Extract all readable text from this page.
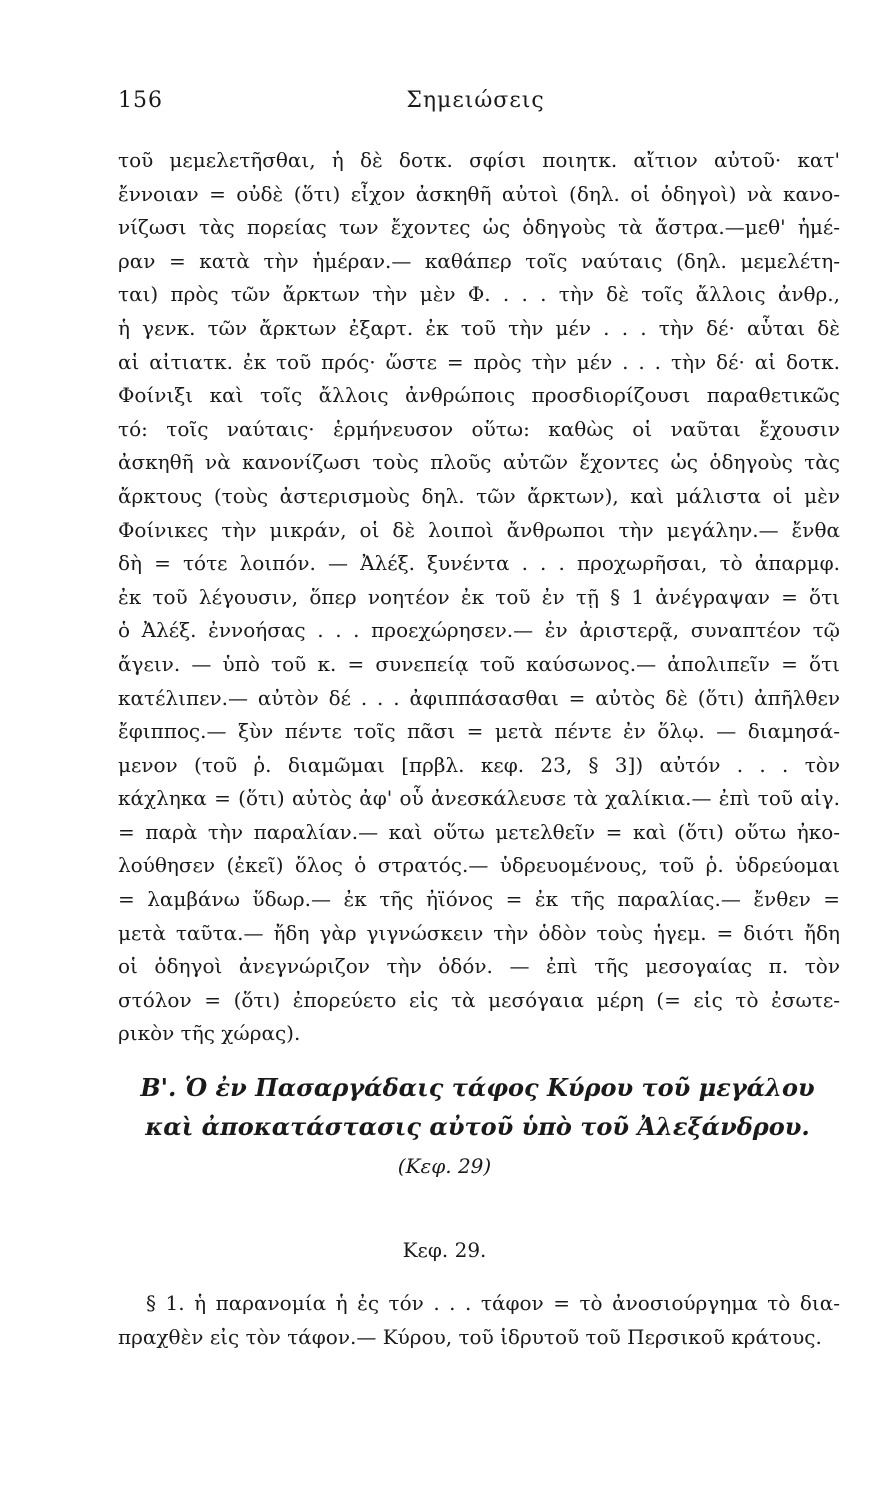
156	Σημειώσεις
τοῦ μεμελετῆσθαι, ἡ δὲ δοτκ. σφίσι ποιητκ. αἴτιον αὐτοῦ· κατ'
ἔννοιαν = οὐδὲ (ὅτι) εἶχον ἀσκηθῆ αὐτοὶ (δηλ. οἱ ὁδηγοὶ) νὰ κανο-
νίζωσι τὰς πορείας των ἔχοντες ὡς ὁδηγοὺς τὰ ἄστρα.—μεθ' ἡμέ-
ραν = κατὰ τὴν ἡμέραν.— καθάπερ τοῖς ναύταις (δηλ. μεμελέτη-
ται) πρὸς τῶν ἄρκτων τὴν μὲν Φ. . . . τὴν δὲ τοῖς ἄλλοις ἀνθρ.,
ἡ γενκ. τῶν ἄρκτων ἐξαρτ. ἐκ τοῦ τὴν μέν . . . τὴν δέ· αὗται δὲ
αἱ αἰτιατκ. ἐκ τοῦ πρός· ὥστε = πρὸς τὴν μέν . . . τὴν δέ· αἱ δοτκ.
Φοίνιξι καὶ τοῖς ἄλλοις ἀνθρώποις προσδιορίζουσι παραθετικῶς
τό: τοῖς ναύταις· ἑρμήνευσον οὕτω: καθὼς οἱ ναῦται ἔχουσιν
ἀσκηθῆ νὰ κανονίζωσι τοὺς πλοῦς αὐτῶν ἔχοντες ὡς ὁδηγοὺς τὰς
ἄρκτους (τοὺς ἀστερισμοὺς δηλ. τῶν ἄρκτων), καὶ μάλιστα οἱ μὲν
Φοίνικες τὴν μικράν, οἱ δὲ λοιποὶ ἄνθρωποι τὴν μεγάλην.— ἔνθα
δὴ = τότε λοιπόν. — Ἀλέξ. ξυνέντα . . . προχωρῆσαι, τὸ ἀπαρμφ.
ἐκ τοῦ λέγουσιν, ὅπερ νοητέον ἐκ τοῦ ἐν τῇ § 1 ἀνέγραψαν = ὅτι
ὁ Ἀλέξ. ἐννοήσας . . . προεχώρησεν.— ἐν ἀριστερᾷ, συναπτέον τῷ
ἄγειν. — ὑπὸ τοῦ κ. = συνεπείᾳ τοῦ καύσωνος.— ἀπολιπεῖν = ὅτι
κατέλιπεν.— αὐτὸν δέ . . . ἀφιππάσασθαι = αὐτὸς δὲ (ὅτι) ἀπῆλθεν
ἔφιππος.— ξὺν πέντε τοῖς πᾶσι = μετὰ πέντε ἐν ὅλῳ. — διαμησά-
μενον (τοῦ ῥ. διαμῶμαι [πρβλ. κεφ. 23, § 3]) αὐτόν . . . τὸν
κάχληκα = (ὅτι) αὐτὸς ἀφ' οὗ ἀνεσκάλευσε τὰ χαλίκια.— ἐπὶ τοῦ αἰγ.
= παρὰ τὴν παραλίαν.— καὶ οὕτω μετελθεῖν = καὶ (ὅτι) οὕτω ἠκο-
λούθησεν (ἐκεῖ) ὅλος ὁ στρατός.— ὑδρευομένους, τοῦ ῥ. ὑδρεύομαι
= λαμβάνω ὕδωρ.— ἐκ τῆς ἠϊόνος = ἐκ τῆς παραλίας.— ἔνθεν =
μετὰ ταῦτα.— ἤδη γὰρ γιγνώσκειν τὴν ὁδὸν τοὺς ἡγεμ. = διότι ἤδη
οἱ ὁδηγοὶ ἀνεγνώριζον τὴν ὁδόν. — ἐπὶ τῆς μεσογαίας π. τὸν
στόλον = (ὅτι) ἐπορεύετο εἰς τὰ μεσόγαια μέρη (= εἰς τὸ ἐσωτε-
ρικὸν τῆς χώρας).
Β'. Ὁ ἐν Πασαργάδαις τάφος Κύρου τοῦ μεγάλου
καὶ ἀποκατάστασις αὐτοῦ ὑπὸ τοῦ Ἀλεξάνδρου.
(Κεφ. 29)
Κεφ. 29.
§ 1. ἡ παρανομία ἡ ἐς τόν . . . τάφον = τὸ ἀνοσιούργημα τὸ δια-
πραχθὲν εἰς τὸν τάφον.— Κύρου, τοῦ ἱδρυτοῦ τοῦ Περσικοῦ κράτους.
